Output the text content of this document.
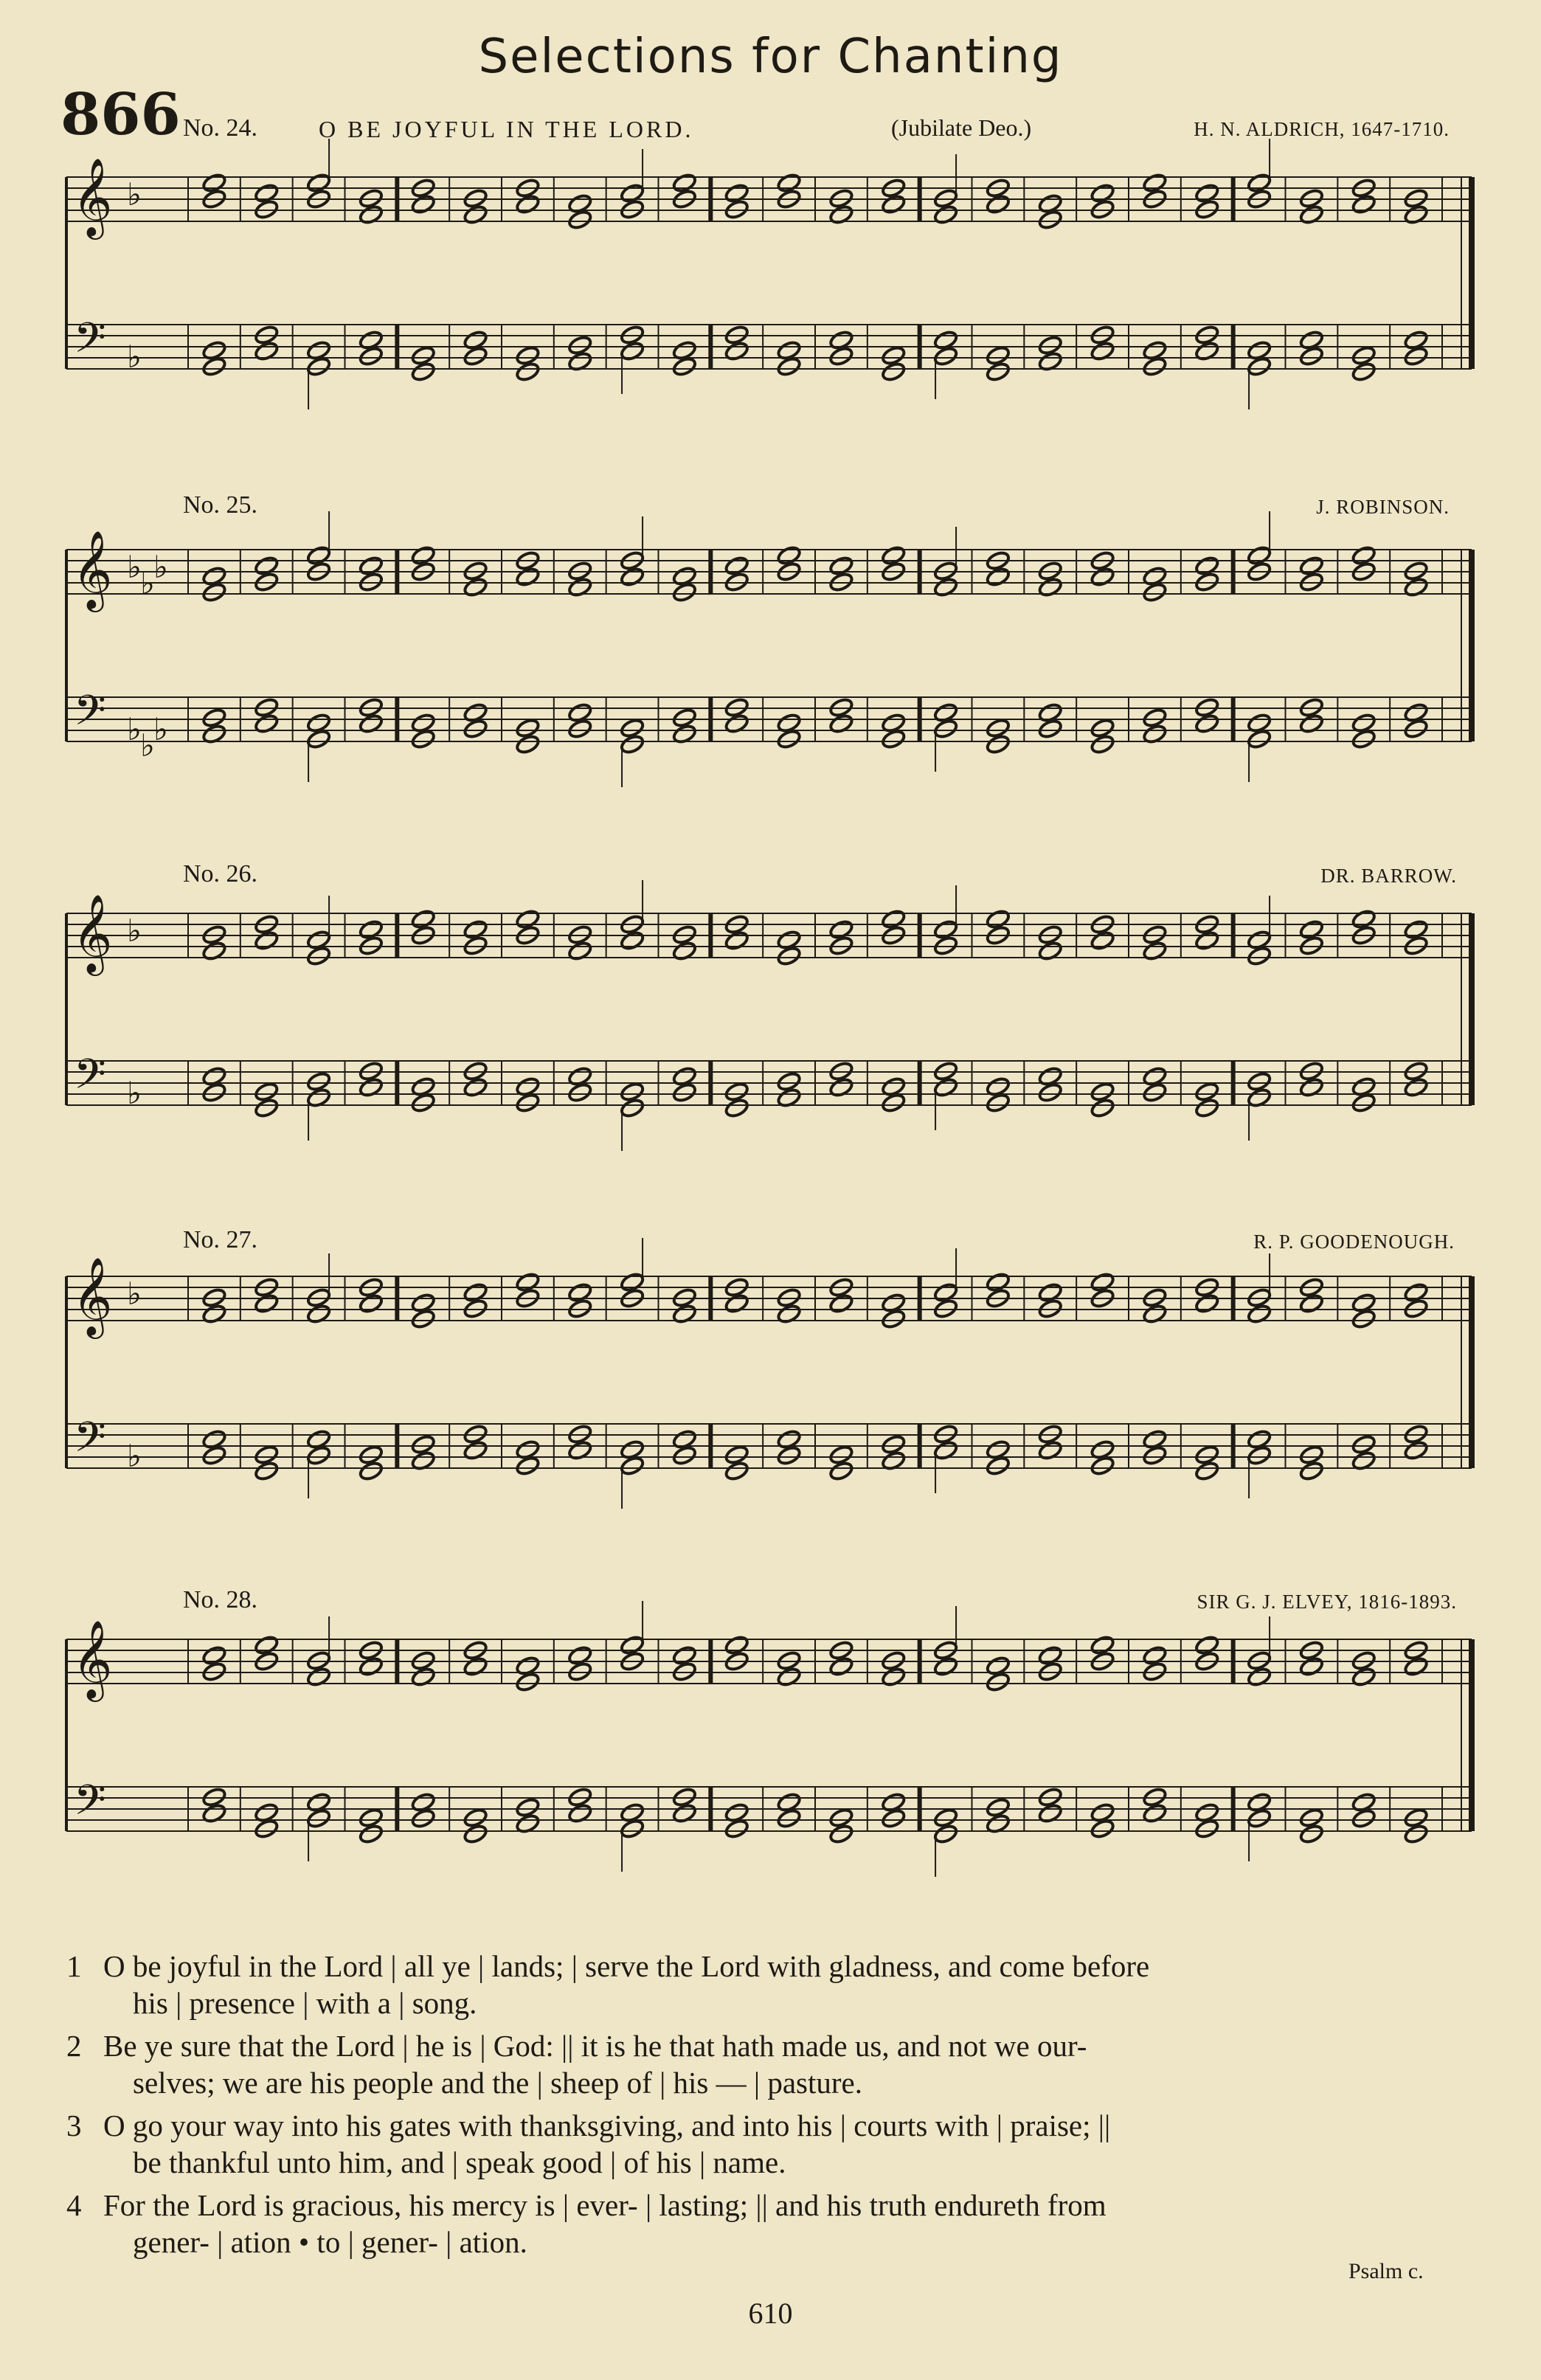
Selections for Chanting
866 No. 24.	O BE JOYFUL IN THE LORD.	(Jubilate Deo.)	H. N. ALDRICH, 1647-1710.
No. 25.	J. ROBINSON.
No. 26.	DR. BARROW.
No. 27.	R. P. GOODENOUGH.
No. 28.	SIR G. J. ELVEY, 1816-1893.
𝄞
𝄢
♭
♭
𝄞
𝄢
♭
♭
♭
♭
♭
♭
𝄞
𝄢
♭
♭
𝄞
𝄢
♭
♭
𝄞
𝄢
1 O be joyful in the Lord | all ye | lands; | serve the Lord with gladness, and come before
his | presence | with a | song.
2 Be ye sure that the Lord | he is | God: || it is he that hath made us, and not we our-
selves; we are his people and the | sheep of | his — | pasture.
3 O go your way into his gates with thanksgiving, and into his | courts with | praise; ||
be thankful unto him, and | speak good | of his | name.
4 For the Lord is gracious, his mercy is | ever- | lasting; || and his truth endureth from
gener- | ation • to | gener- | ation.
Psalm c.
610
